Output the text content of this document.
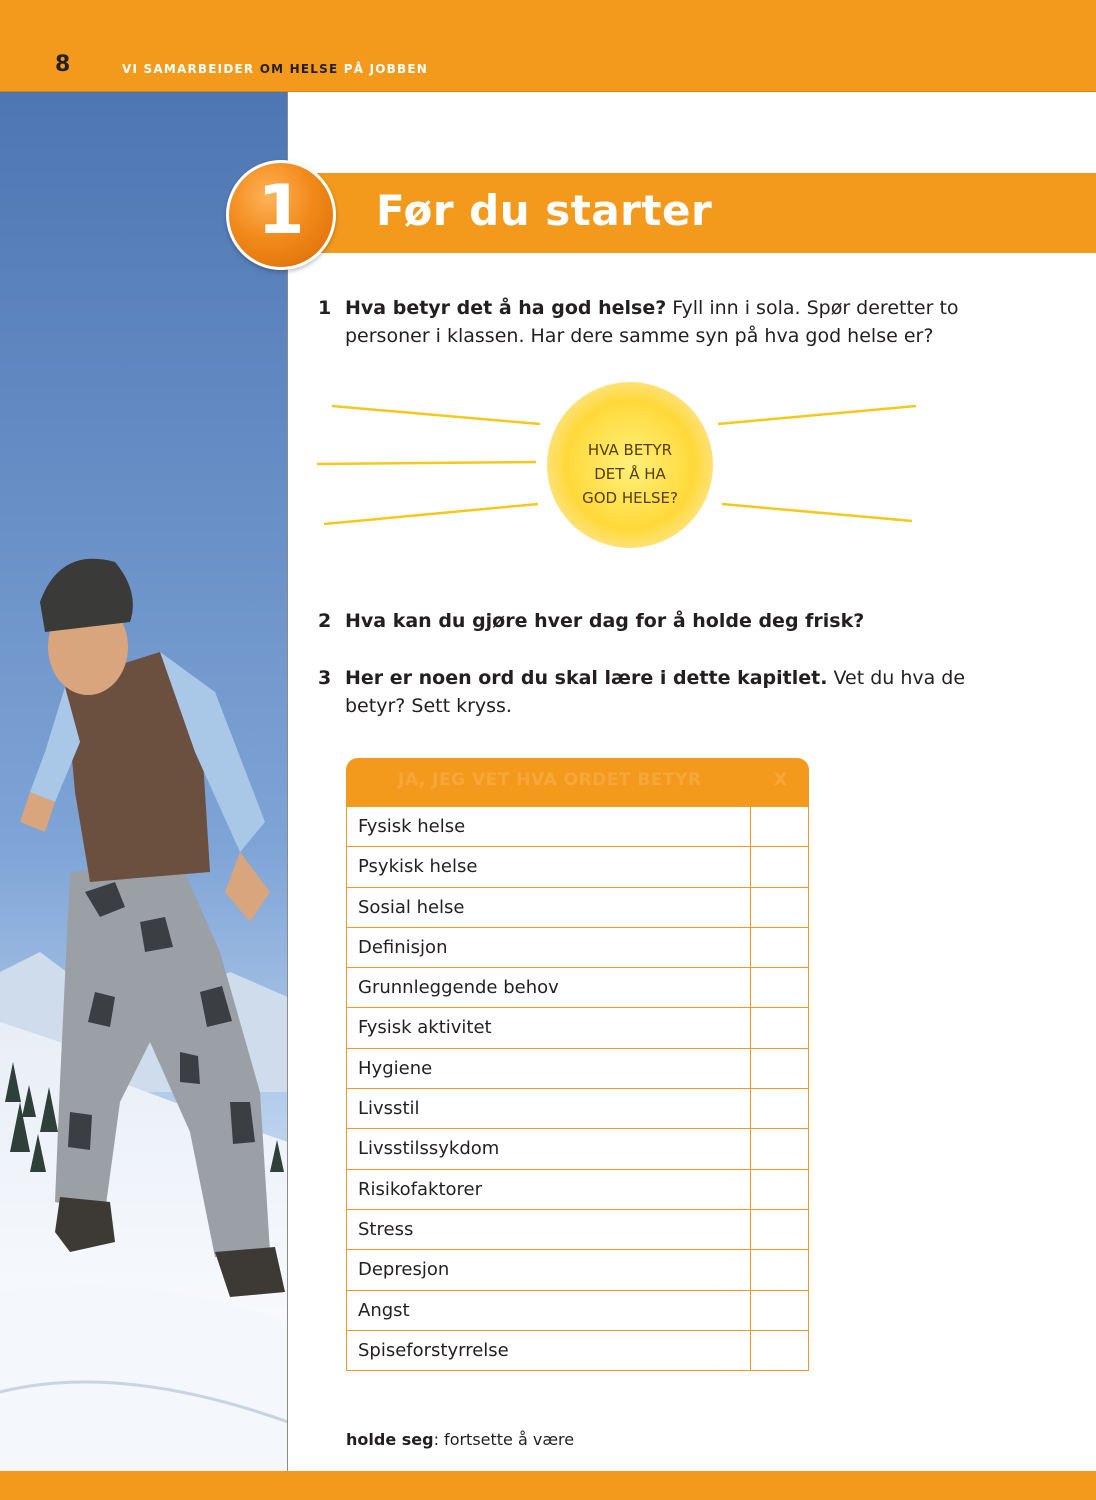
8	VI SAMARBEIDER OM HELSE PÅ JOBBEN
Før du starter
1
1 Hva betyr det å ha god helse? Fyll inn i sola. Spør deretter to personer i klassen. Har dere samme syn på hva god helse er?
HVA BETYR
DET Å HA
GOD HELSE?
2 Hva kan du gjøre hver dag for å holde deg frisk?
3 Her er noen ord du skal lære i dette kapitlet. Vet du hva de betyr? Sett kryss.
JA, JEG VET HVA ORDET BETYR	X
Fysisk helse
Psykisk helse
Sosial helse
Definisjon
Grunnleggende behov
Fysisk aktivitet
Hygiene
Livsstil
Livsstilssykdom
Risikofaktorer
Stress
Depresjon
Angst
Spiseforstyrrelse
holde seg: fortsette å være
